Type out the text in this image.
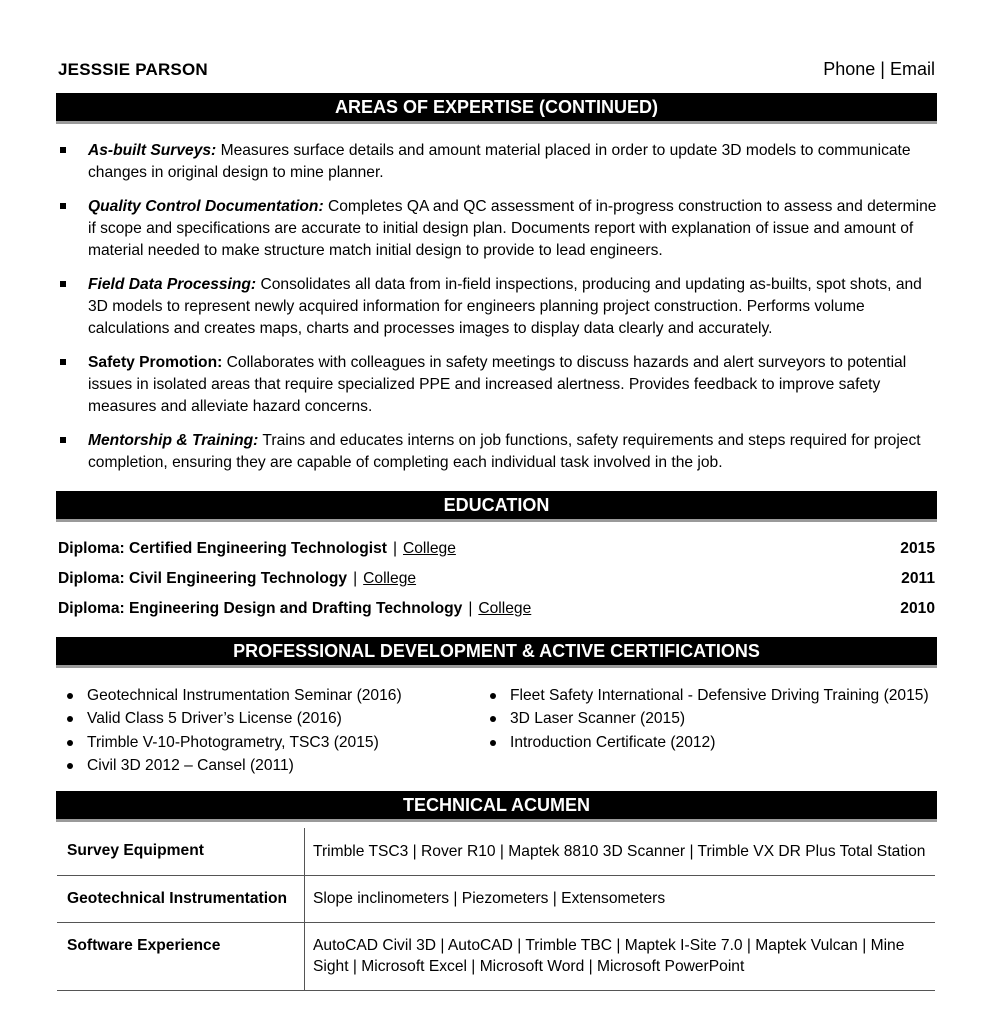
JESSSIE PARSON	Phone | Email
AREAS OF EXPERTISE (CONTINUED)
As-built Surveys: Measures surface details and amount material placed in order to update 3D models to communicate changes in original design to mine planner.
Quality Control Documentation: Completes QA and QC assessment of in-progress construction to assess and determine if scope and specifications are accurate to initial design plan. Documents report with explanation of issue and amount of material needed to make structure match initial design to provide to lead engineers.
Field Data Processing: Consolidates all data from in-field inspections, producing and updating as-builts, spot shots, and 3D models to represent newly acquired information for engineers planning project construction. Performs volume calculations and creates maps, charts and processes images to display data clearly and accurately.
Safety Promotion: Collaborates with colleagues in safety meetings to discuss hazards and alert surveyors to potential issues in isolated areas that require specialized PPE and increased alertness. Provides feedback to improve safety measures and alleviate hazard concerns.
Mentorship & Training: Trains and educates interns on job functions, safety requirements and steps required for project completion, ensuring they are capable of completing each individual task involved in the job.
EDUCATION
Diploma: Certified Engineering Technologist | College	2015
Diploma: Civil Engineering Technology | College	2011
Diploma: Engineering Design and Drafting Technology | College	2010
PROFESSIONAL DEVELOPMENT & ACTIVE CERTIFICATIONS
Geotechnical Instrumentation Seminar (2016)
Valid Class 5 Driver’s License (2016)
Trimble V-10-Photogrametry, TSC3 (2015)
Civil 3D 2012 – Cansel (2011)
Fleet Safety International - Defensive Driving Training (2015)
3D Laser Scanner (2015)
Introduction Certificate (2012)
TECHNICAL ACUMEN
Survey Equipment	Trimble TSC3 | Rover R10 | Maptek 8810 3D Scanner | Trimble VX DR Plus Total Station
Geotechnical Instrumentation	Slope inclinometers | Piezometers | Extensometers
Software Experience	AutoCAD Civil 3D | AutoCAD | Trimble TBC | Maptek I-Site 7.0 | Maptek Vulcan | Mine Sight | Microsoft Excel | Microsoft Word | Microsoft PowerPoint
